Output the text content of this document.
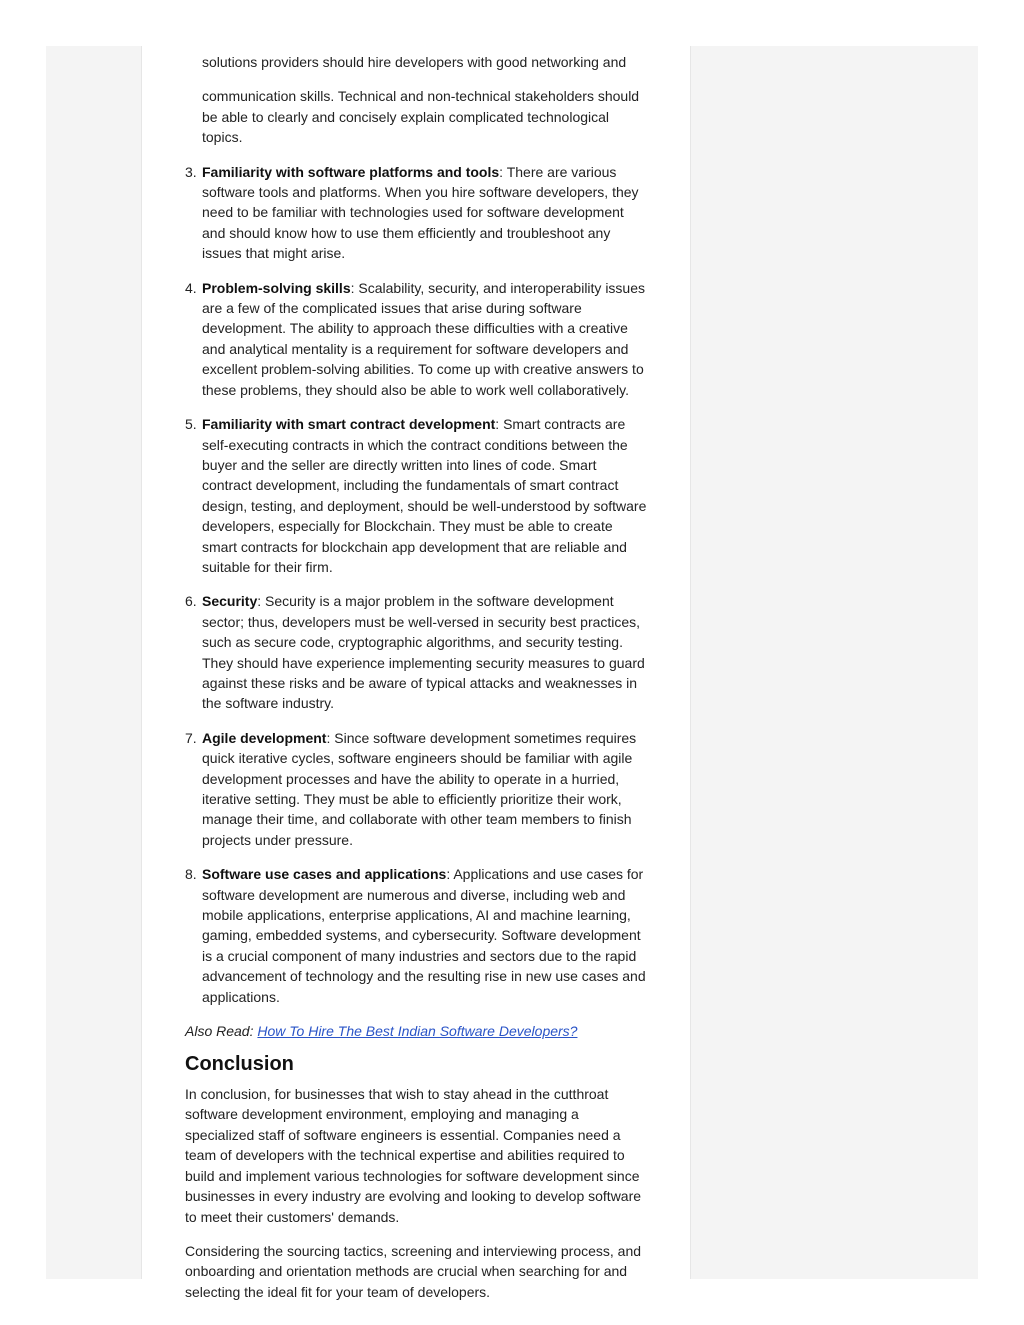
solutions providers should hire developers with good networking and

communication skills. Technical and non-technical stakeholders should be able to clearly and concisely explain complicated technological topics.

3. Familiarity with software platforms and tools: There are various software tools and platforms. When you hire software developers, they need to be familiar with technologies used for software development and should know how to use them efficiently and troubleshoot any issues that might arise.
4. Problem-solving skills: Scalability, security, and interoperability issues are a few of the complicated issues that arise during software development. The ability to approach these difficulties with a creative and analytical mentality is a requirement for software developers and excellent problem-solving abilities. To come up with creative answers to these problems, they should also be able to work well collaboratively.
5. Familiarity with smart contract development: Smart contracts are self-executing contracts in which the contract conditions between the buyer and the seller are directly written into lines of code. Smart contract development, including the fundamentals of smart contract design, testing, and deployment, should be well-understood by software developers, especially for Blockchain. They must be able to create smart contracts for blockchain app development that are reliable and suitable for their firm.
6. Security: Security is a major problem in the software development sector; thus, developers must be well-versed in security best practices, such as secure code, cryptographic algorithms, and security testing. They should have experience implementing security measures to guard against these risks and be aware of typical attacks and weaknesses in the software industry.
7. Agile development: Since software development sometimes requires quick iterative cycles, software engineers should be familiar with agile development processes and have the ability to operate in a hurried, iterative setting. They must be able to efficiently prioritize their work, manage their time, and collaborate with other team members to finish projects under pressure.
8. Software use cases and applications: Applications and use cases for software development are numerous and diverse, including web and mobile applications, enterprise applications, AI and machine learning, gaming, embedded systems, and cybersecurity. Software development is a crucial component of many industries and sectors due to the rapid advancement of technology and the resulting rise in new use cases and applications.

Also Read: How To Hire The Best Indian Software Developers?

Conclusion

In conclusion, for businesses that wish to stay ahead in the cutthroat software development environment, employing and managing a specialized staff of software engineers is essential. Companies need a team of developers with the technical expertise and abilities required to build and implement various technologies for software development since businesses in every industry are evolving and looking to develop software to meet their customers' demands.

Considering the sourcing tactics, screening and interviewing process, and onboarding and orientation methods are crucial when searching for and selecting the ideal fit for your team of developers.
